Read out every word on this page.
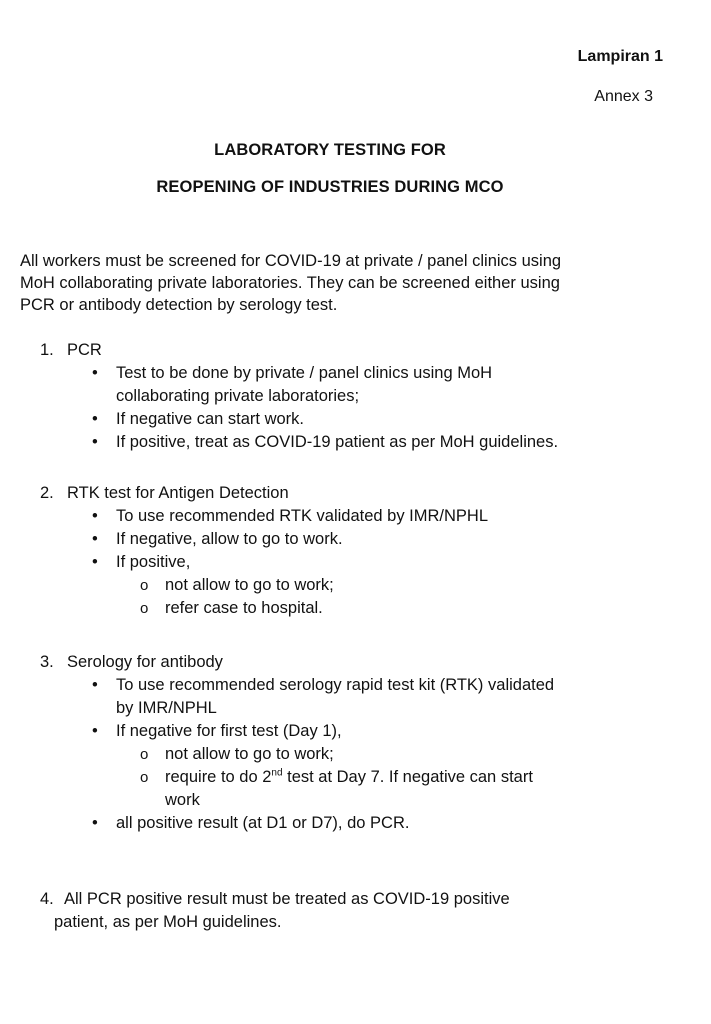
Lampiran 1
Annex 3
LABORATORY TESTING FOR
REOPENING OF INDUSTRIES DURING MCO
All workers must be screened for COVID-19 at private / panel clinics using
MoH collaborating private laboratories. They can be screened either using
PCR or antibody detection by serology test.
1. PCR
• Test to be done by private / panel clinics using MoH
collaborating private laboratories;
• If negative can start work.
• If positive, treat as COVID-19 patient as per MoH guidelines.
2. RTK test for Antigen Detection
• To use recommended RTK validated by IMR/NPHL
• If negative, allow to go to work.
• If positive,
o not allow to go to work;
o refer case to hospital.
3. Serology for antibody
• To use recommended serology rapid test kit (RTK) validated
by IMR/NPHL
• If negative for first test (Day 1),
o not allow to go to work;
o require to do 2nd test at Day 7. If negative can start
work
• all positive result (at D1 or D7), do PCR.
4. All PCR positive result must be treated as COVID-19 positive
patient, as per MoH guidelines.
